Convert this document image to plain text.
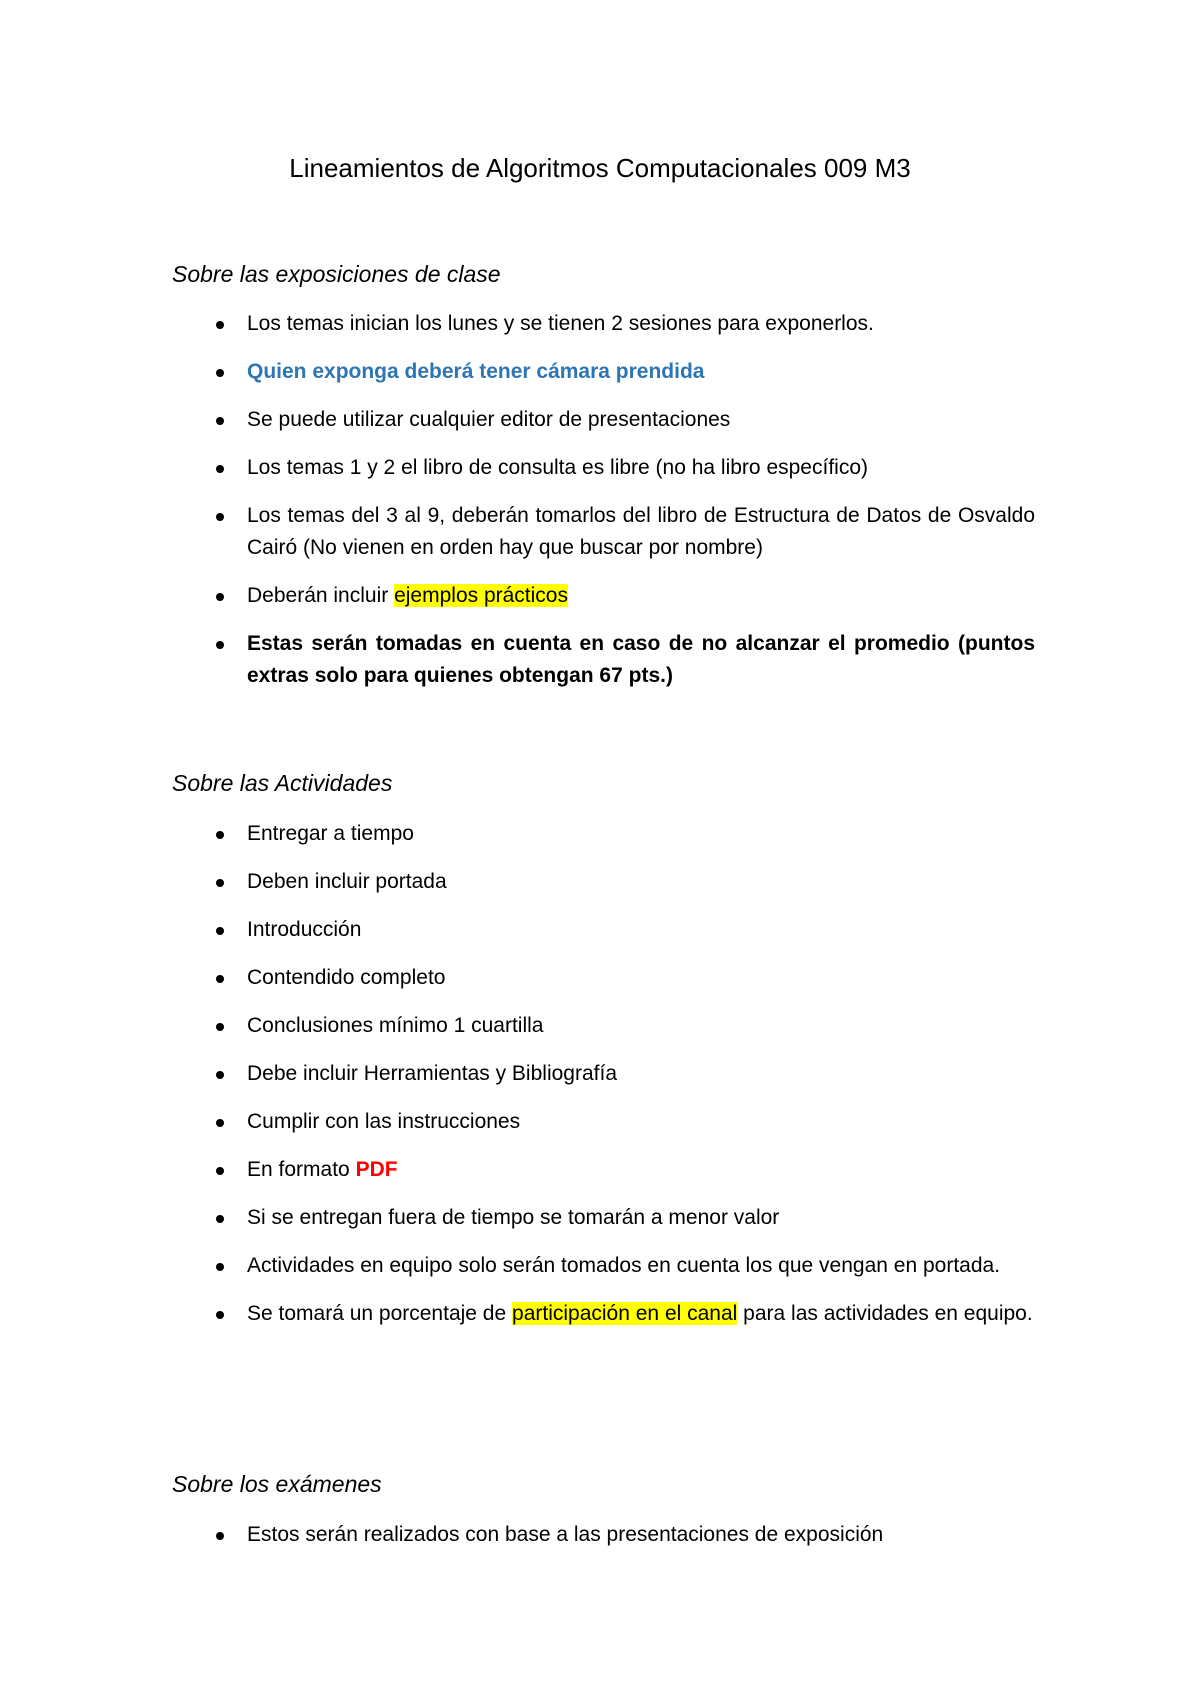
Lineamientos de Algoritmos Computacionales 009 M3
Sobre las exposiciones de clase
Los temas inician los lunes y se tienen 2 sesiones para exponerlos.
Quien exponga deberá tener cámara prendida
Se puede utilizar cualquier editor de presentaciones
Los temas 1 y 2 el libro de consulta es libre (no ha libro específico)
Los temas del 3 al 9, deberán tomarlos del libro de Estructura de Datos de Osvaldo Cairó (No vienen en orden hay que buscar por nombre)
Deberán incluir ejemplos prácticos
Estas serán tomadas en cuenta en caso de no alcanzar el promedio (puntos extras solo para quienes obtengan 67 pts.)
Sobre las Actividades
Entregar a tiempo
Deben incluir portada
Introducción
Contendido completo
Conclusiones mínimo 1 cuartilla
Debe incluir Herramientas y Bibliografía
Cumplir con las instrucciones
En formato PDF
Si se entregan fuera de tiempo se tomarán a menor valor
Actividades en equipo solo serán tomados en cuenta los que vengan en portada.
Se tomará un porcentaje de participación en el canal para las actividades en equipo.
Sobre los exámenes
Estos serán realizados con base a las presentaciones de exposición
